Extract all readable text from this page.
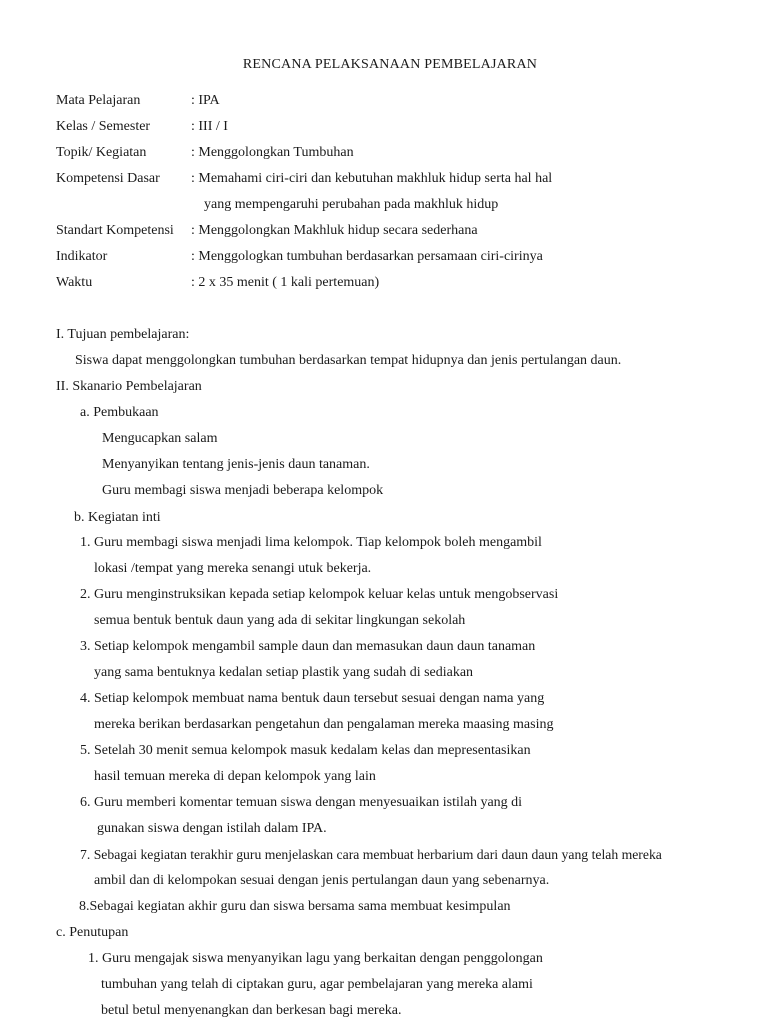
RENCANA PELAKSANAAN PEMBELAJARAN
Mata Pelajaran	: IPA
Kelas / Semester	: III / I
Topik/ Kegiatan	: Menggolongkan Tumbuhan
Kompetensi Dasar : Memahami ciri-ciri dan kebutuhan makhluk hidup serta hal hal
yang mempengaruhi perubahan pada makhluk hidup
Standart Kompetensi : Menggolongkan Makhluk hidup secara sederhana
Indikator	: Menggologkan tumbuhan berdasarkan persamaan ciri-cirinya
Waktu	: 2 x 35 menit ( 1 kali pertemuan)
I. Tujuan pembelajaran:
Siswa dapat menggolongkan tumbuhan berdasarkan tempat hidupnya dan jenis pertulangan daun.
II. Skanario Pembelajaran
a. Pembukaan
Mengucapkan salam
Menyanyikan tentang jenis-jenis daun tanaman.
Guru membagi siswa menjadi beberapa kelompok
b. Kegiatan inti
1. Guru membagi siswa menjadi lima kelompok. Tiap kelompok boleh mengambil
lokasi /tempat yang mereka senangi utuk bekerja.
2. Guru menginstruksikan kepada setiap kelompok keluar kelas untuk mengobservasi
semua bentuk bentuk daun yang ada di sekitar lingkungan sekolah
3. Setiap kelompok mengambil sample daun dan memasukan daun daun tanaman
yang sama bentuknya kedalan setiap plastik yang sudah di sediakan
4. Setiap kelompok membuat nama bentuk daun tersebut sesuai dengan nama yang
mereka berikan berdasarkan pengetahun dan pengalaman mereka maasing masing
5. Setelah 30 menit semua kelompok masuk kedalam kelas dan mepresentasikan
hasil temuan mereka di depan kelompok yang lain
6. Guru memberi komentar temuan siswa dengan menyesuaikan istilah yang di
gunakan siswa dengan istilah dalam IPA.
7. Sebagai kegiatan terakhir guru menjelaskan cara membuat herbarium dari daun daun yang telah mereka
ambil dan di kelompokan sesuai dengan jenis pertulangan daun yang sebenarnya.
8.Sebagai kegiatan akhir guru dan siswa bersama sama membuat kesimpulan
c. Penutupan
1. Guru mengajak siswa menyanyikan lagu yang berkaitan dengan penggolongan
tumbuhan yang telah di ciptakan guru, agar pembelajaran yang mereka alami
betul betul menyenangkan dan berkesan bagi mereka.
